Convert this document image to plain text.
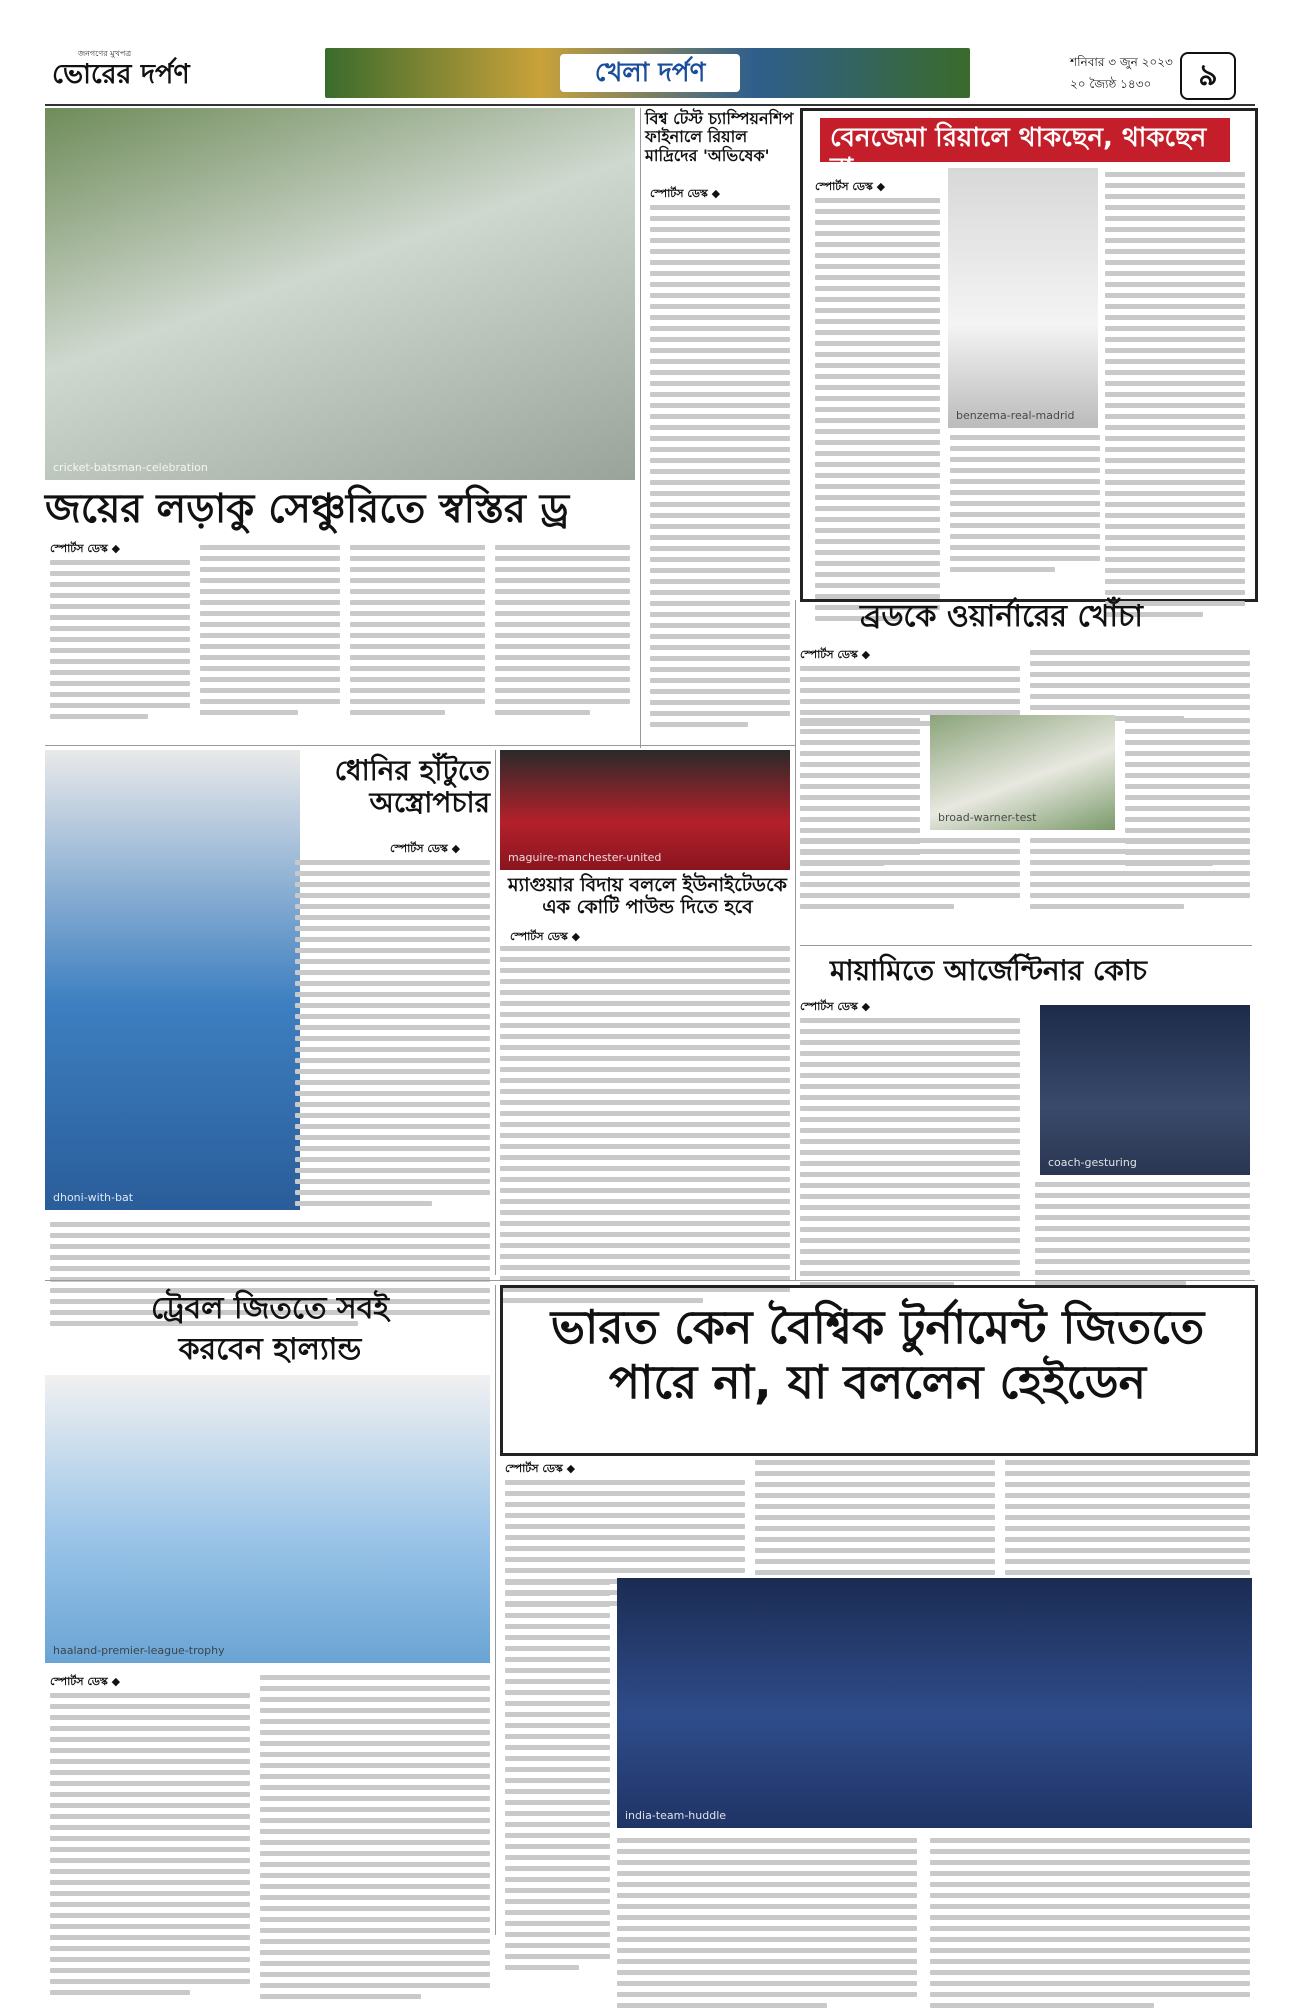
জনগণের মুখপত্র
ভোরের দর্পণ	খেলা দর্পণ	শনিবার ৩ জুন ২০২৩
২০ জ্যৈষ্ঠ ১৪৩০	৯
cricket-batsman-celebration
জয়ের লড়াকু সেঞ্চুরিতে স্বস্তির ড্র
স্পোর্টস ডেস্ক ◆
বিশ্ব টেস্ট চ্যাম্পিয়নশিপ ফাইনালে রিয়াল মাদ্রিদের 'অভিষেক'
স্পোর্টস ডেস্ক ◆
বেনজেমা রিয়ালে থাকছেন, থাকছেন না
স্পোর্টস ডেস্ক ◆
benzema-real-madrid
ব্রডকে ওয়ার্নারের খোঁচা
স্পোর্টস ডেস্ক ◆
broad-warner-test
dhoni-with-bat
ধোনির হাঁটুতে অস্ত্রোপচার
স্পোর্টস ডেস্ক ◆
maguire-manchester-united
ম্যাগুয়ার বিদায় বললে ইউনাইটেডকে এক কোটি পাউন্ড দিতে হবে
স্পোর্টস ডেস্ক ◆
মায়ামিতে আর্জেন্টিনার কোচ
স্পোর্টস ডেস্ক ◆
coach-gesturing
ট্রেবল জিততে সবই
করবেন হাল্যান্ড
haaland-premier-league-trophy
স্পোর্টস ডেস্ক ◆
ভারত কেন বৈশ্বিক টুর্নামেন্ট জিততে পারে না, যা বললেন হেইডেন
স্পোর্টস ডেস্ক ◆
india-team-huddle
